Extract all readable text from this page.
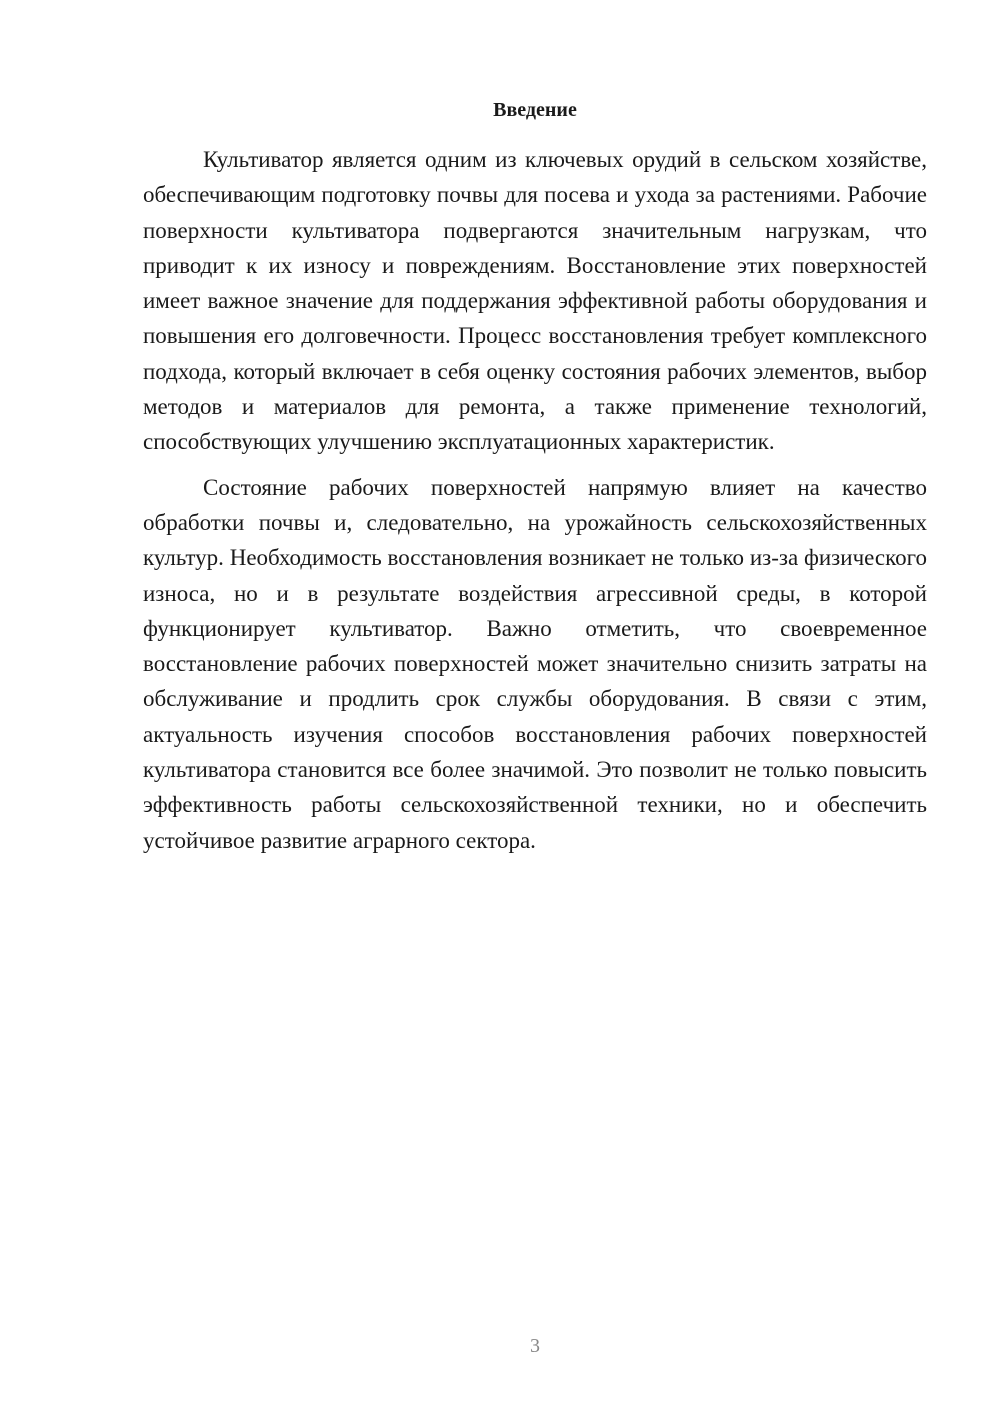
Введение

Культиватор является одним из ключевых орудий в сельском хозяйстве, обеспечивающим подготовку почвы для посева и ухода за растениями. Рабочие поверхности культиватора подвергаются значительным нагрузкам, что приводит к их износу и повреждениям. Восстановление этих поверхностей имеет важное значение для поддержания эффективной работы оборудования и повышения его долговечности. Процесс восстановления требует комплексного подхода, который включает в себя оценку состояния рабочих элементов, выбор методов и материалов для ремонта, а также применение технологий, способствующих улучшению эксплуатационных характеристик.

Состояние рабочих поверхностей напрямую влияет на качество обработки почвы и, следовательно, на урожайность сельскохозяйственных культур. Необходимость восстановления возникает не только из-за физического износа, но и в результате воздействия агрессивной среды, в которой функционирует культиватор. Важно отметить, что своевременное восстановление рабочих поверхностей может значительно снизить затраты на обслуживание и продлить срок службы оборудования. В связи с этим, актуальность изучения способов восстановления рабочих поверхностей культиватора становится все более значимой. Это позволит не только повысить эффективность работы сельскохозяйственной техники, но и обеспечить устойчивое развитие аграрного сектора.

3
